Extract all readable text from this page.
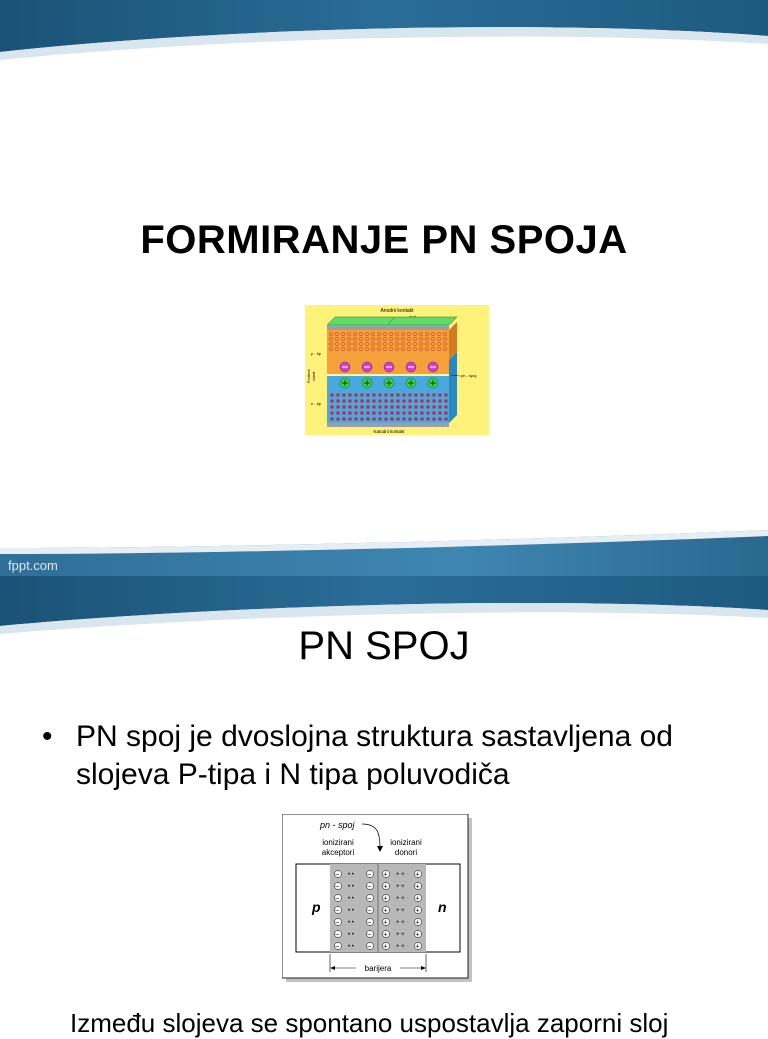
FORMIRANJE PN SPOJA
Anodni kontakt
Katodni kontakt
p - tip
Prostorni oblast
n - tip
pn - spoj
fppt.com
PN SPOJ
• PN spoj je dvoslojna struktura sastavljena od slojeva P-tipa i N tipa poluvodiča
pn - spoj
ionizirani
akceptori
ionizirani
donori
–	– +	+
• •	+ +
p	n
barijera
Između slojeva se spontano uspostavlja zaporni sloj
